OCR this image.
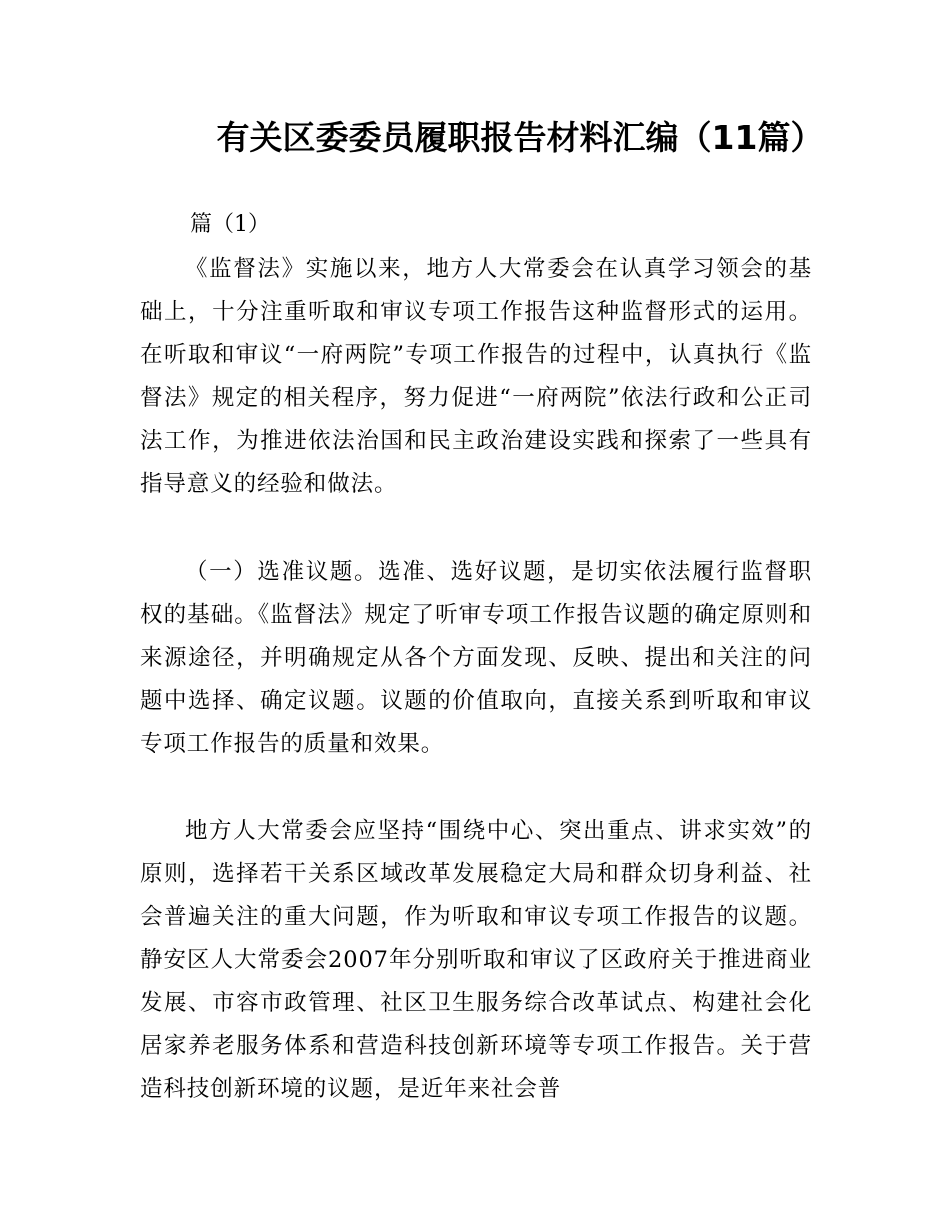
有关区委委员履职报告材料汇编（11篇）
篇（1）

《监督法》实施以来，地方人大常委会在认真学习领会的基础上，十分注重听取和审议专项工作报告这种监督形式的运用。在听取和审议“一府两院”专项工作报告的过程中，认真执行《监督法》规定的相关程序，努力促进“一府两院”依法行政和公正司法工作，为推进依法治国和民主政治建设实践和探索了一些具有指导意义的经验和做法。

（一）选准议题。选准、选好议题，是切实依法履行监督职权的基础。《监督法》规定了听审专项工作报告议题的确定原则和来源途径，并明确规定从各个方面发现、反映、提出和关注的问题中选择、确定议题。议题的价值取向，直接关系到听取和审议专项工作报告的质量和效果。

地方人大常委会应坚持“围绕中心、突出重点、讲求实效”的原则，选择若干关系区域改革发展稳定大局和群众切身利益、社会普遍关注的重大问题，作为听取和审议专项工作报告的议题。静安区人大常委会2007年分别听取和审议了区政府关于推进商业发展、市容市政管理、社区卫生服务综合改革试点、构建社会化居家养老服务体系和营造科技创新环境等专项工作报告。关于营造科技创新环境的议题，是近年来社会普
